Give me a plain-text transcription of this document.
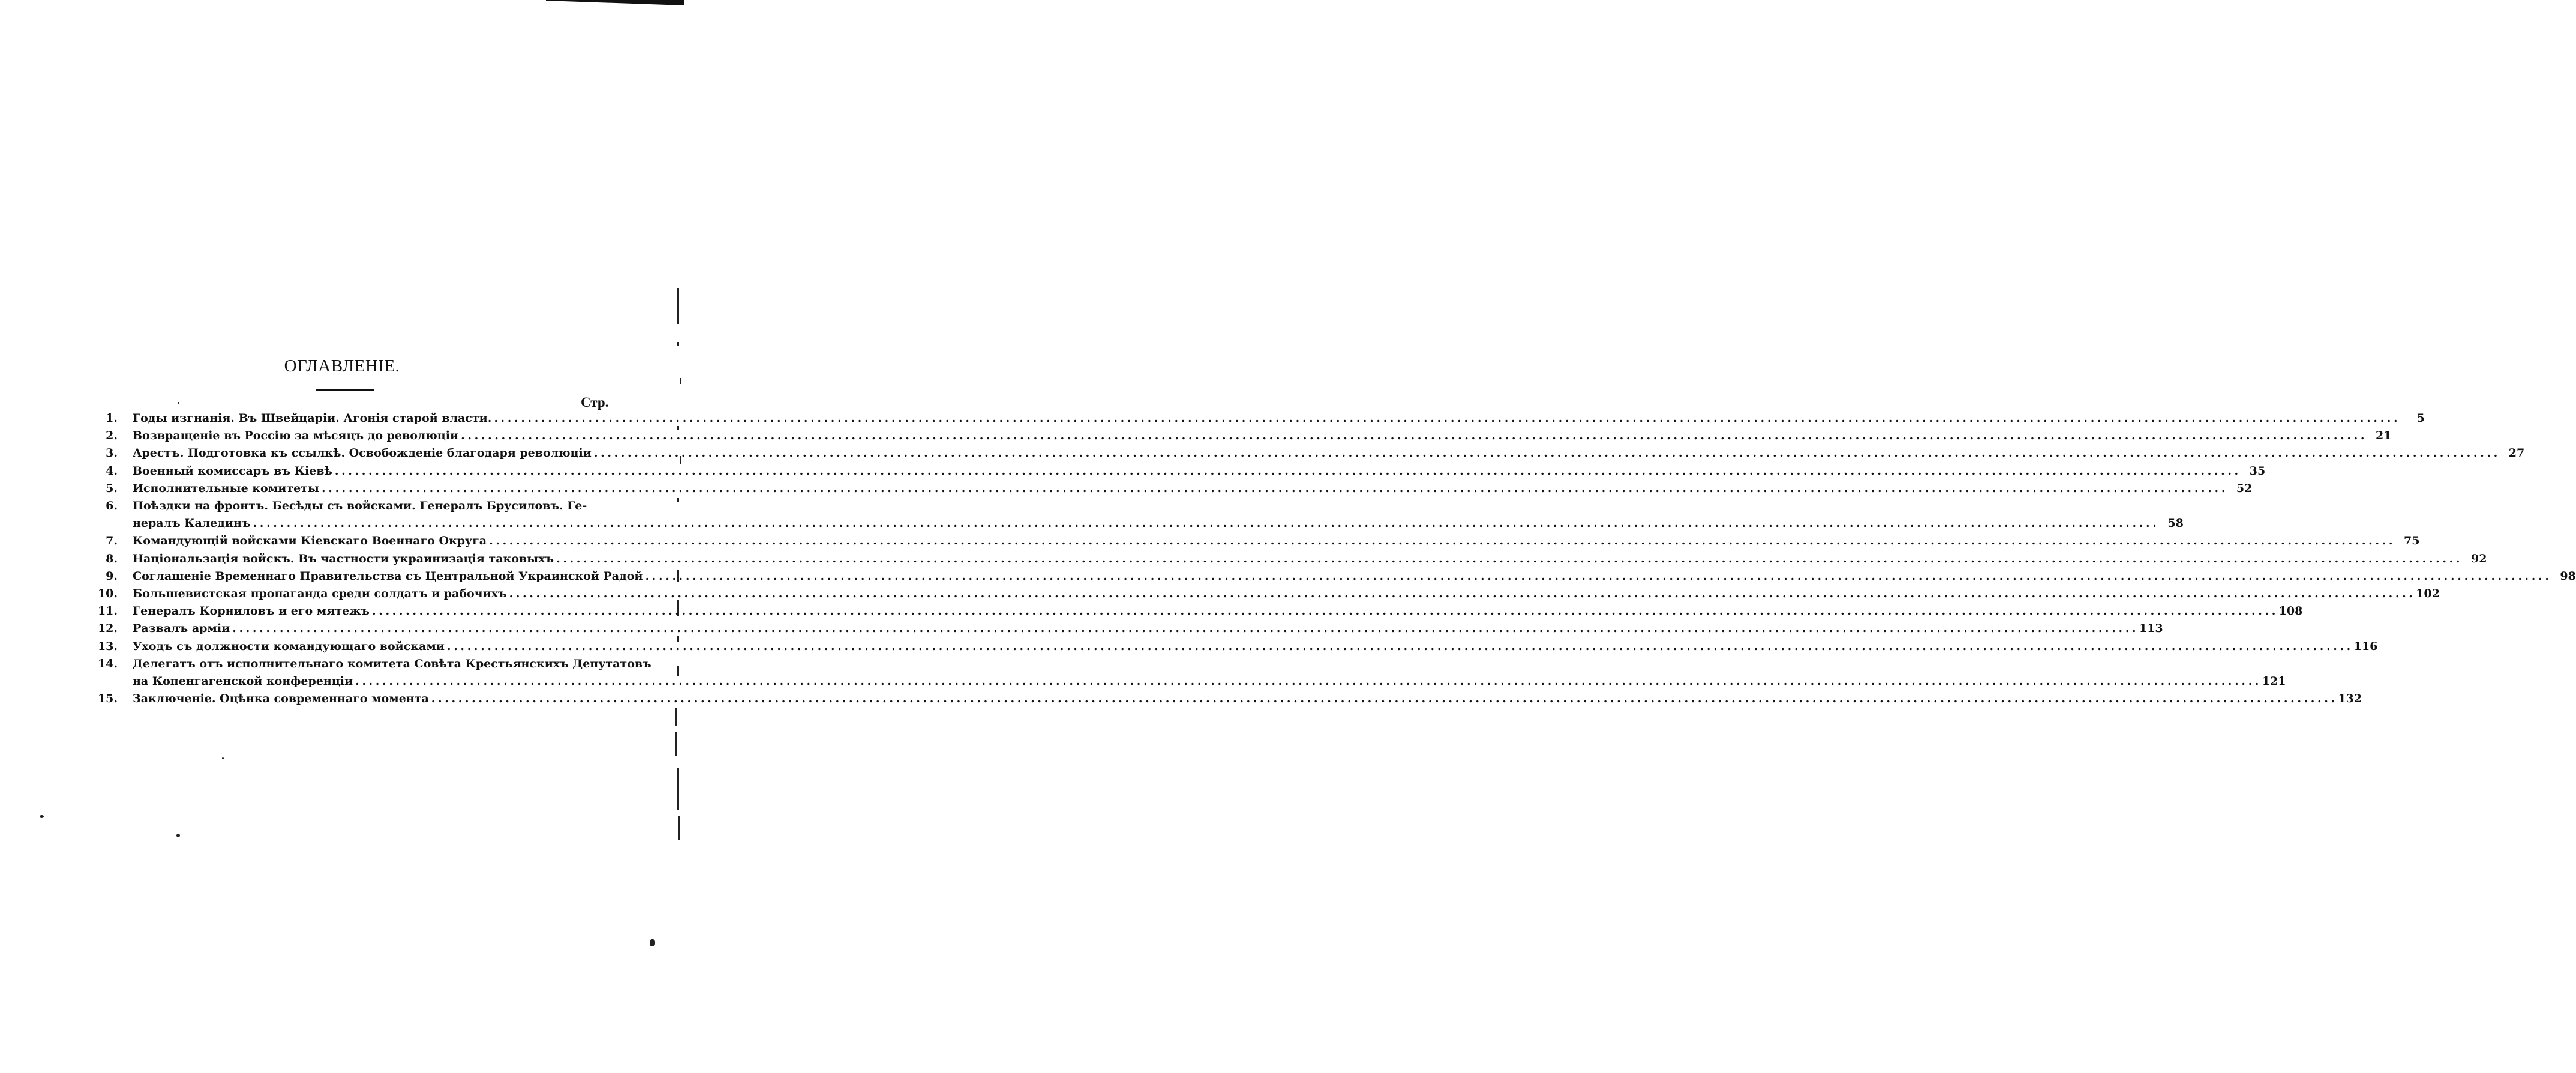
ОГЛАВЛЕНІЕ.
Стр.
1. Годы изгнанія. Въ Швейцаріи. Агонія старой власти. . . .	5
2. Возвращеніе въ Россію за мѣсяцъ до революціи . . .	21
3. Арестъ. Подготовка къ ссылкѣ. Освобожденіе благодаря революціи . . .	27
4. Военный комиссаръ въ Кіевѣ . . .	35
5. Исполнительные комитеты . . .	52
6. Поѣздки на фронтъ. Бесѣды съ войсками. Генералъ Брусиловъ. Ге-
нералъ Калединъ . . .	58
7. Командующій войсками Кіевскаго Военнаго Округа . . .	75
8. Національзація войскъ. Въ частности украинизація таковыхъ . . .	92
9. Соглашеніе Временнаго Правительства съ Центральной Украинской Радой . . .	98
10. Большевистская пропаганда среди солдатъ и рабочихъ . . .	102
11. Генералъ Корниловъ и его мятежъ . . .	108
12. Развалъ арміи . . .	113
13. Уходъ съ должности командующаго войсками . . .	116
14. Делегатъ отъ исполнительнаго комитета Совѣта Крестьянскихъ Депутатовъ
на Копенгагенской конференціи . . .	121
15. Заключеніе. Оцѣнка современнаго момента . . .	132
